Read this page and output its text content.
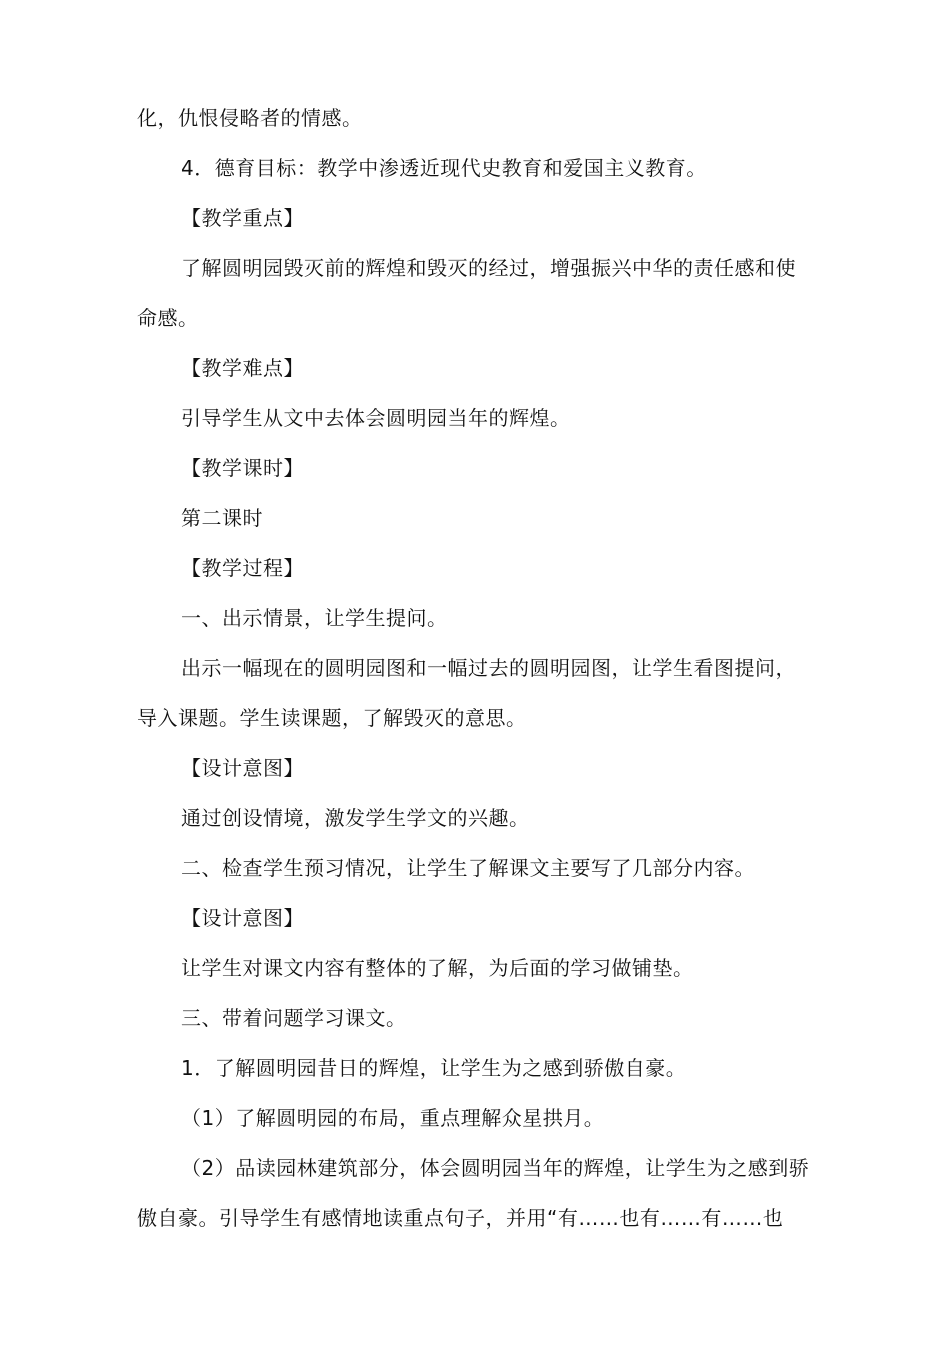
化，仇恨侵略者的情感。
4．德育目标：教学中渗透近现代史教育和爱国主义教育。
【教学重点】
了解圆明园毁灭前的辉煌和毁灭的经过，增强振兴中华的责任感和使
命感。
【教学难点】
引导学生从文中去体会圆明园当年的辉煌。
【教学课时】
第二课时
【教学过程】
一、出示情景，让学生提问。
出示一幅现在的圆明园图和一幅过去的圆明园图，让学生看图提问，
导入课题。学生读课题，了解毁灭的意思。
【设计意图】
通过创设情境，激发学生学文的兴趣。
二、检查学生预习情况，让学生了解课文主要写了几部分内容。
【设计意图】
让学生对课文内容有整体的了解，为后面的学习做铺垫。
三、带着问题学习课文。
1．了解圆明园昔日的辉煌，让学生为之感到骄傲自豪。
（1）了解圆明园的布局，重点理解众星拱月。
（2）品读园林建筑部分，体会圆明园当年的辉煌，让学生为之感到骄
傲自豪。引导学生有感情地读重点句子，并用“有……也有……有……也
